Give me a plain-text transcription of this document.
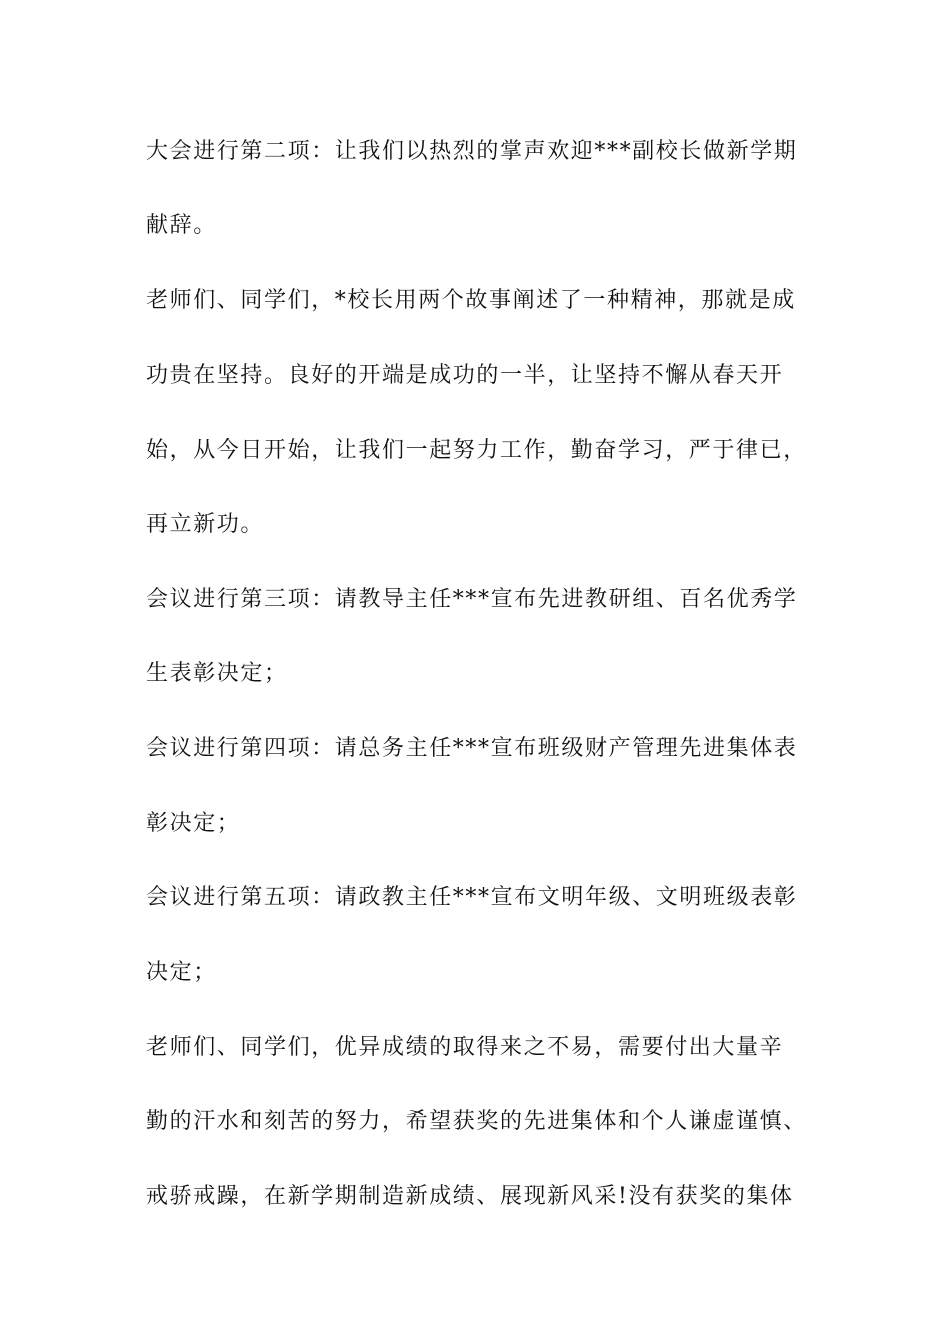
大会进行第二项：让我们以热烈的掌声欢迎***副校长做新学期
献辞。
老师们、同学们，*校长用两个故事阐述了一种精神，那就是成
功贵在坚持。良好的开端是成功的一半，让坚持不懈从春天开
始，从今日开始，让我们一起努力工作，勤奋学习，严于律已，
再立新功。
会议进行第三项：请教导主任***宣布先进教研组、百名优秀学
生表彰决定；
会议进行第四项：请总务主任***宣布班级财产管理先进集体表
彰决定；
会议进行第五项：请政教主任***宣布文明年级、文明班级表彰
决定；
老师们、同学们，优异成绩的取得来之不易，需要付出大量辛
勤的汗水和刻苦的努力，希望获奖的先进集体和个人谦虚谨慎、
戒骄戒躁，在新学期制造新成绩、展现新风采!没有获奖的集体
